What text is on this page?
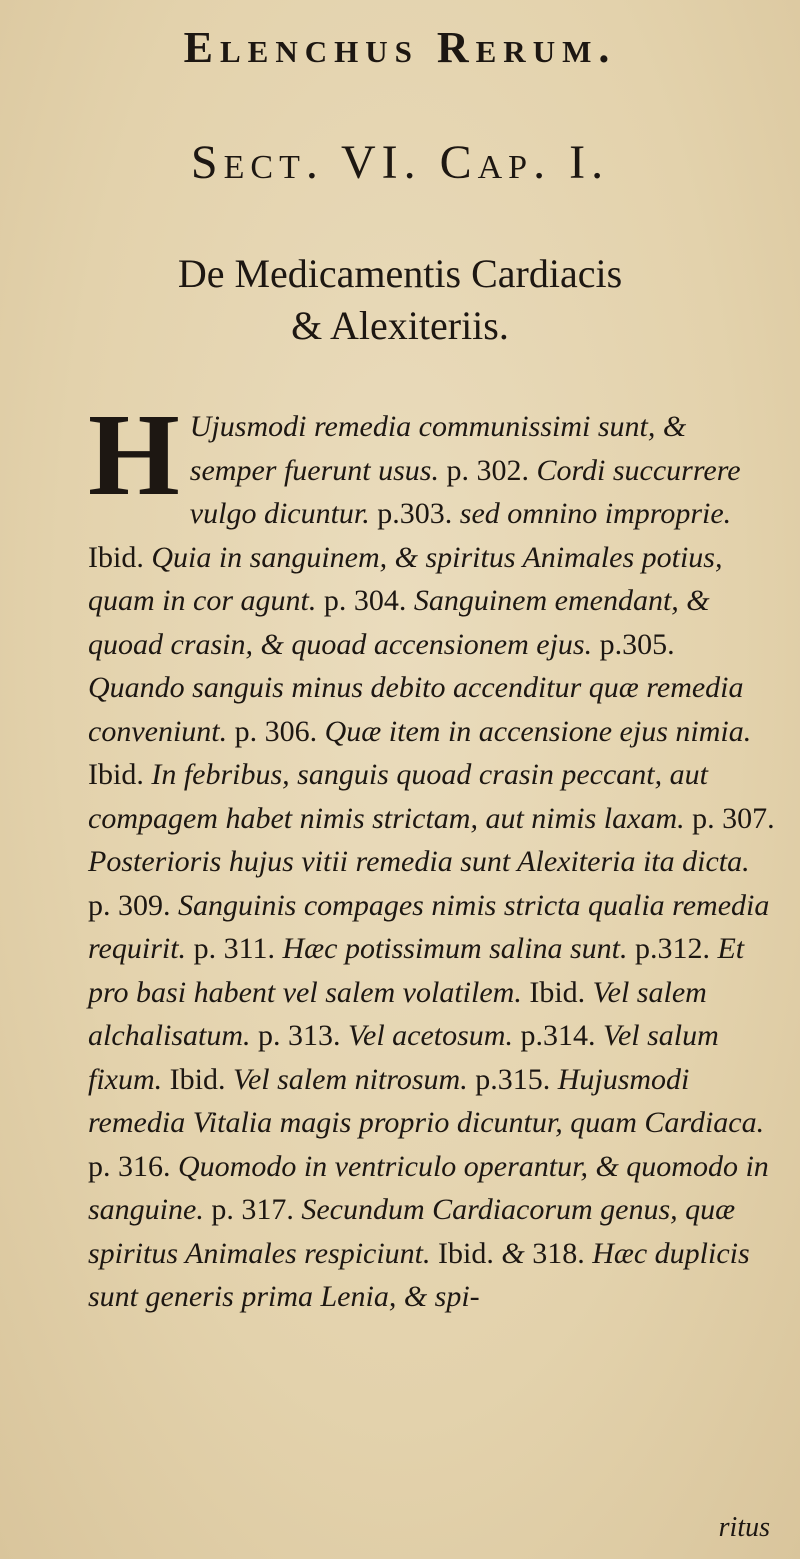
Elenchus Rerum.
Sect. VI. Cap. I.
De Medicamentis Cardiacis
& Alexiteriis.
H Ujusmodi remedia communissimi sunt, & semper fuerunt usus. p. 302. Cordi succurrere vulgo dicuntur. p.303. sed omnino improprie. Ibid. Quia in sanguinem, & spiritus Animales potius, quam in cor agunt. p. 304. Sanguinem emendant, & quoad crasin, & quoad accensionem ejus. p.305. Quando sanguis minus debito accenditur quæ remedia conveniunt. p. 306. Quæ item in accensione ejus nimia. Ibid. In febribus, sanguis quoad crasin peccant, aut compagem habet nimis strictam, aut nimis laxam. p. 307. Posterioris hujus vitii remedia sunt Alexiteria ita dicta. p. 309. Sanguinis compages nimis stricta qualia remedia requirit. p. 311. Hæc potissimum salina sunt. p.312. Et pro basi habent vel salem volatilem. Ibid. Vel salem alchalisatum. p. 313. Vel acetosum. p.314. Vel salum fixum. Ibid. Vel salem nitrosum. p.315. Hujusmodi remedia Vitalia magis proprio dicuntur, quam Cardiaca. p. 316. Quomodo in ventriculo operantur, & quomodo in sanguine. p. 317. Secundum Cardiacorum genus, quæ spiritus Animales respiciunt. Ibid. & 318. Hæc duplicis sunt generis prima Lenia, & spi-
ritus
